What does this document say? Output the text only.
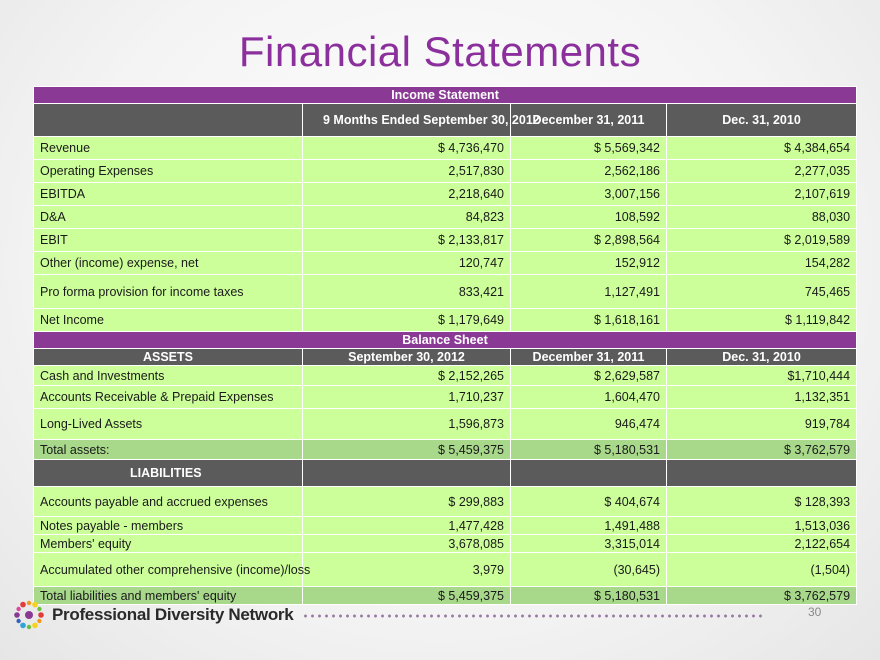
Financial Statements
Income Statement			
	9 Months Ended September 30, 2012	December 31, 2011	Dec. 31, 2010
Revenue	$ 4,736,470	$ 5,569,342	$ 4,384,654
Operating Expenses	2,517,830	2,562,186	2,277,035
EBITDA	2,218,640	3,007,156	2,107,619
D&A	84,823	108,592	88,030
EBIT	$ 2,133,817	$ 2,898,564	$ 2,019,589
Other (income) expense, net	120,747	152,912	154,282
Pro forma provision for income taxes	833,421	1,127,491	745,465
Net Income	$ 1,179,649	$ 1,618,161	$ 1,119,842
Balance Sheet			
ASSETS	September 30, 2012	December 31, 2011	Dec. 31, 2010
Cash and Investments	$ 2,152,265	$ 2,629,587	$1,710,444
Accounts Receivable & Prepaid Expenses	1,710,237	1,604,470	1,132,351
Long-Lived Assets	1,596,873	946,474	919,784
Total assets:	$ 5,459,375	$ 5,180,531	$ 3,762,579
LIABILITIES			
Accounts payable and accrued expenses	$ 299,883	$ 404,674	$ 128,393
Notes payable - members	1,477,428	1,491,488	1,513,036
Members' equity	3,678,085	3,315,014	2,122,654
Accumulated other comprehensive (income)/loss	3,979	(30,645)	(1,504)
Total liabilities and members' equity	$ 5,459,375	$ 5,180,531	$ 3,762,579
Professional Diversity Network	30
